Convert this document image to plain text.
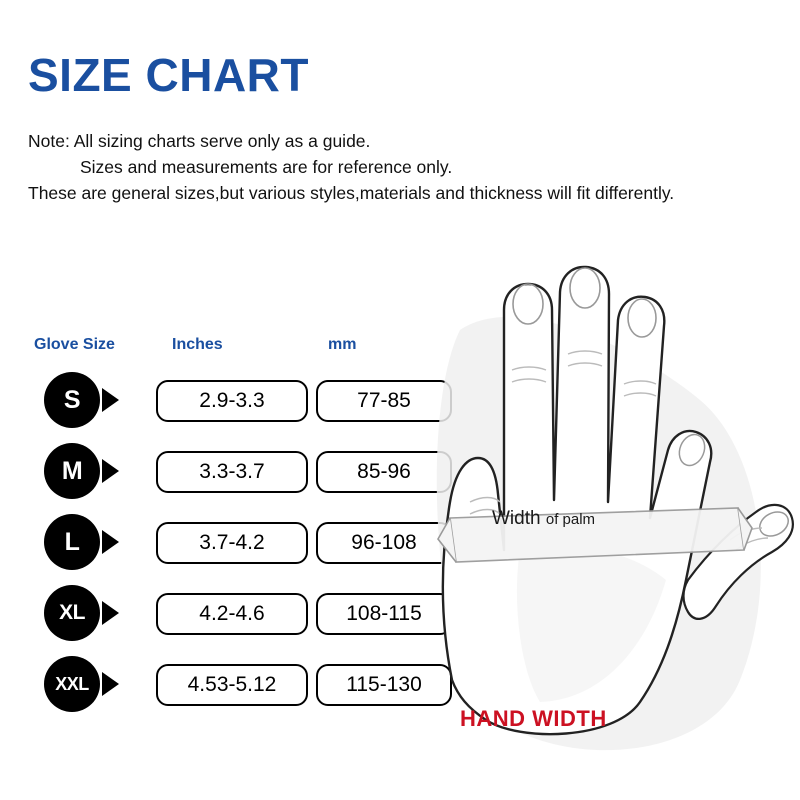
SIZE CHART
Note: All sizing charts serve only as a guide.
Sizes and measurements are for reference only.
These are general sizes,but various styles,materials and thickness will fit differently.
Glove Size	Inches	mm
S	2.9-3.3	77-85
M	3.3-3.7	85-96
L	3.7-4.2	96-108
XL	4.2-4.6	108-115
XXL	4.53-5.12	115-130
Width of palm
HAND WIDTH
